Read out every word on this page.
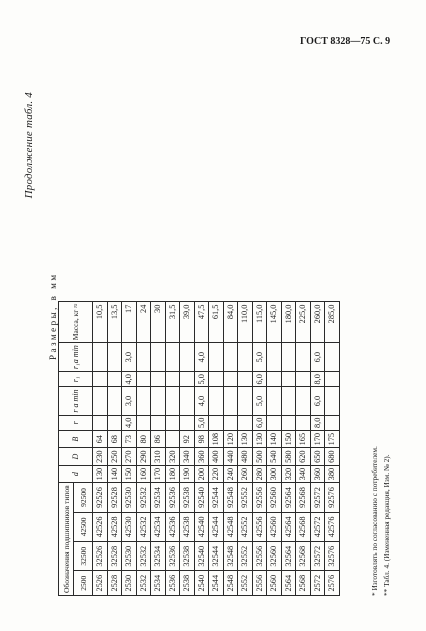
ГОСТ 8328—75 С. 9
Продолжение табл. 4
Размеры, в мм
Обозначения подшипников типов				d	D	B	r	r a min	r₁	r₁a min	Масса, кг ≈
2500	32500	42500	92500								
2526	32526	42526	92526	130	230	64					10,5
2528	32528	42528	92528	140	250	68					13,5
2530	32530	42530	92530	150	270	73	4,0	3,0	4,0	3,0	17
2532	32532	42532	92532	160	290	80					24
2534	32534	42534	92534	170	310	86					30
2536	32536	42536	92536	180	320						31,5
2538	32538	42538	92538	190	340	92					39,0
2540	32540	42540	92540	200	360	98	5,0	4,0	5,0	4,0	47,5
2544	32544	42544	92544	220	400	108					61,5
2548	32548	42548	92548	240	440	120					84,0
2552	32552	42552	92552	260	480	130					110,0
2556	32556	42556	92556	280	500	130	6,0	5,0	6,0	5,0	115,0
2560	32560	42560	92560	300	540	140					145,0
2564	32564	42564	92564	320	580	150					180,0
2568	32568	42568	92568	340	620	165					225,0
2572	32572	42572	92572	360	650	170	8,0	6,0	8,0	6,0	260,0
2576	32576	42576	92576	380	680	175					285,0
* Изготовлять по согласованию с потребителем. ** Табл. 4. (Измененная редакция, Изм. № 2).
